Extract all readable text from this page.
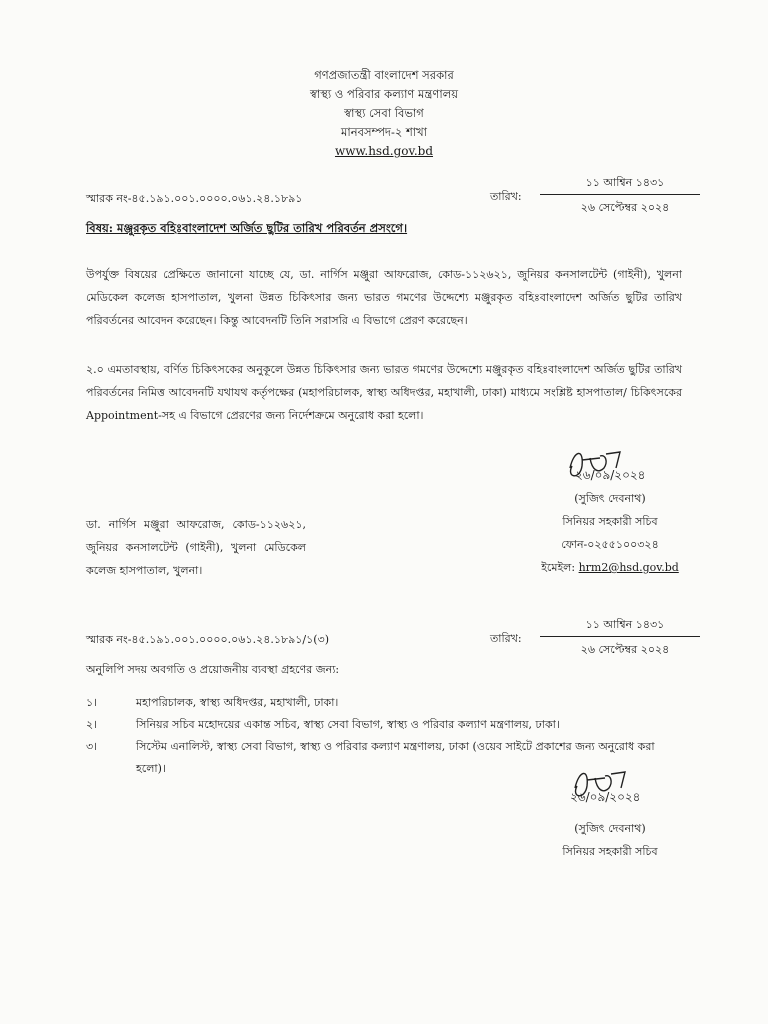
গণপ্রজাতন্ত্রী বাংলাদেশ সরকার
স্বাস্থ্য ও পরিবার কল্যাণ মন্ত্রণালয়
স্বাস্থ্য সেবা বিভাগ
মানবসম্পদ-২ শাখা
www.hsd.gov.bd
স্মারক নং-৪৫.১৯১.০০১.০০০০.০৬১.২৪.১৮৯১	তারিখ:
১১ আশ্বিন ১৪৩১
২৬ সেপ্টেম্বর ২০২৪
বিষয়: মঞ্জুরকৃত বহিঃবাংলাদেশ অর্জিত ছুটির তারিখ পরিবর্তন প্রসংগে।
উপর্যুক্ত বিষয়ের প্রেক্ষিতে জানানো যাচ্ছে যে, ডা. নার্গিস মঞ্জুরা আফরোজ, কোড-১১২৬২১, জুনিয়র কনসালটেন্ট (গাইনী), খুলনা মেডিকেল কলেজ হাসপাতাল, খুলনা উন্নত চিকিৎসার জন্য ভারত গমণের উদ্দেশ্যে মঞ্জুরকৃত বহিঃবাংলাদেশ অর্জিত ছুটির তারিখ পরিবর্তনের আবেদন করেছেন। কিন্তু আবেদনটি তিনি সরাসরি এ বিভাগে প্রেরণ করেছেন।
২.০ এমতাবস্থায়, বর্ণিত চিকিৎসকের অনুকূলে উন্নত চিকিৎসার জন্য ভারত গমণের উদ্দেশ্যে মঞ্জুরকৃত বহিঃবাংলাদেশ অর্জিত ছুটির তারিখ পরিবর্তনের নিমিত্ত আবেদনটি যথাযথ কর্তৃপক্ষের (মহাপরিচালক, স্বাস্থ্য অধিদপ্তর, মহাখালী, ঢাকা) মাধ্যমে সংশ্লিষ্ট হাসপাতাল/ চিকিৎসকের Appointment-সহ এ বিভাগে প্রেরণের জন্য নির্দেশক্রমে অনুরোধ করা হলো।
২৬/০৯/২০২৪
(সুজিৎ দেবনাথ)
সিনিয়র সহকারী সচিব
ফোন-০২৫৫১০০৩২৪
ইমেইল: hrm2@hsd.gov.bd
ডা. নার্গিস মঞ্জুরা আফরোজ, কোড-১১২৬২১, জুনিয়র কনসালটেন্ট (গাইনী), খুলনা মেডিকেল কলেজ হাসপাতাল, খুলনা।
স্মারক নং-৪৫.১৯১.০০১.০০০০.০৬১.২৪.১৮৯১/১(৩)	তারিখ:
১১ আশ্বিন ১৪৩১
২৬ সেপ্টেম্বর ২০২৪
অনুলিপি সদয় অবগতি ও প্রয়োজনীয় ব্যবস্থা গ্রহণের জন্য:
১।	মহাপরিচালক, স্বাস্থ্য অধিদপ্তর, মহাখালী, ঢাকা।
২।	সিনিয়র সচিব মহোদয়ের একান্ত সচিব, স্বাস্থ্য সেবা বিভাগ, স্বাস্থ্য ও পরিবার কল্যাণ মন্ত্রণালয়, ঢাকা।
৩।	সিস্টেম এনালিস্ট, স্বাস্থ্য সেবা বিভাগ, স্বাস্থ্য ও পরিবার কল্যাণ মন্ত্রণালয়, ঢাকা (ওয়েব সাইটে প্রকাশের জন্য অনুরোধ করা হলো)।
২৬/০৯/২০২৪
(সুজিৎ দেবনাথ)
সিনিয়র সহকারী সচিব
